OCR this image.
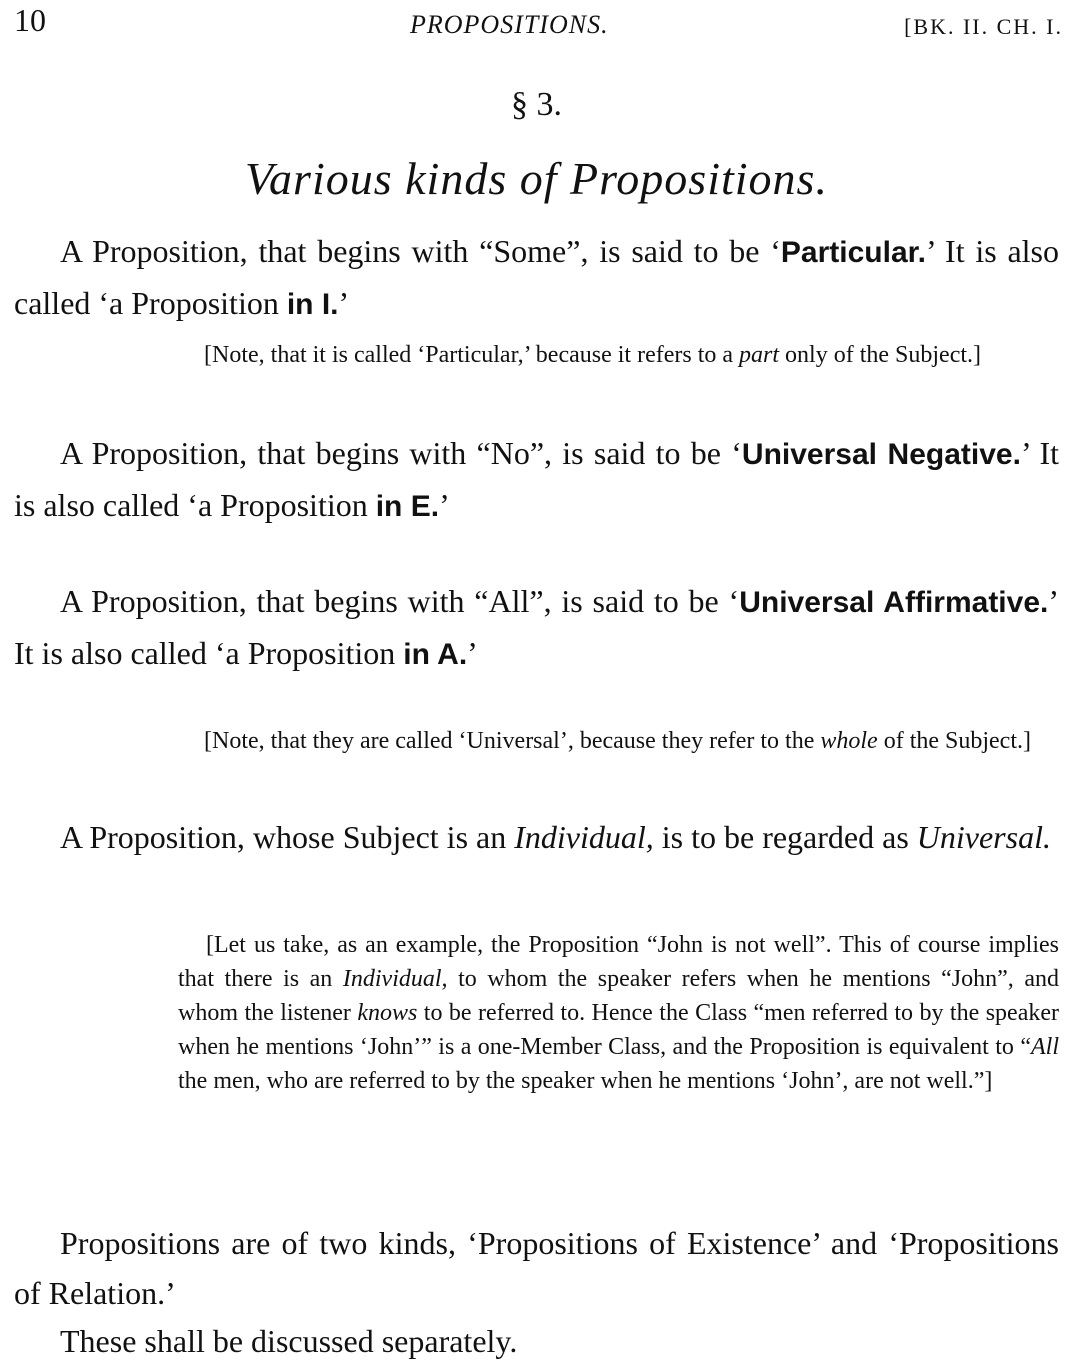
10	PROPOSITIONS.	[BK. II. CH. I.
§ 3.
Various kinds of Propositions.

A Proposition, that begins with “Some”, is said to be ‘Particular.’ It is also called ‘a Proposition in I.’

[Note, that it is called ‘Particular,’ because it refers to a part only of the Subject.]

A Proposition, that begins with “No”, is said to be ‘Universal Negative.’ It is also called ‘a Proposition in E.’

A Proposition, that begins with “All”, is said to be ‘Universal Affirmative.’ It is also called ‘a Proposition in A.’

[Note, that they are called ‘Universal’, because they refer to the whole of the Subject.]

A Proposition, whose Subject is an Individual, is to be regarded as Universal.

[Let us take, as an example, the Proposition “John is not well”. This of course implies that there is an Individual, to whom the speaker refers when he mentions “John”, and whom the listener knows to be referred to. Hence the Class “men referred to by the speaker when he mentions ‘John’” is a one-Member Class, and the Proposition is equivalent to “All the men, who are referred to by the speaker when he mentions ‘John’, are not well.”]

Propositions are of two kinds, ‘Propositions of Existence’ and ‘Propositions of Relation.’

These shall be discussed separately.
